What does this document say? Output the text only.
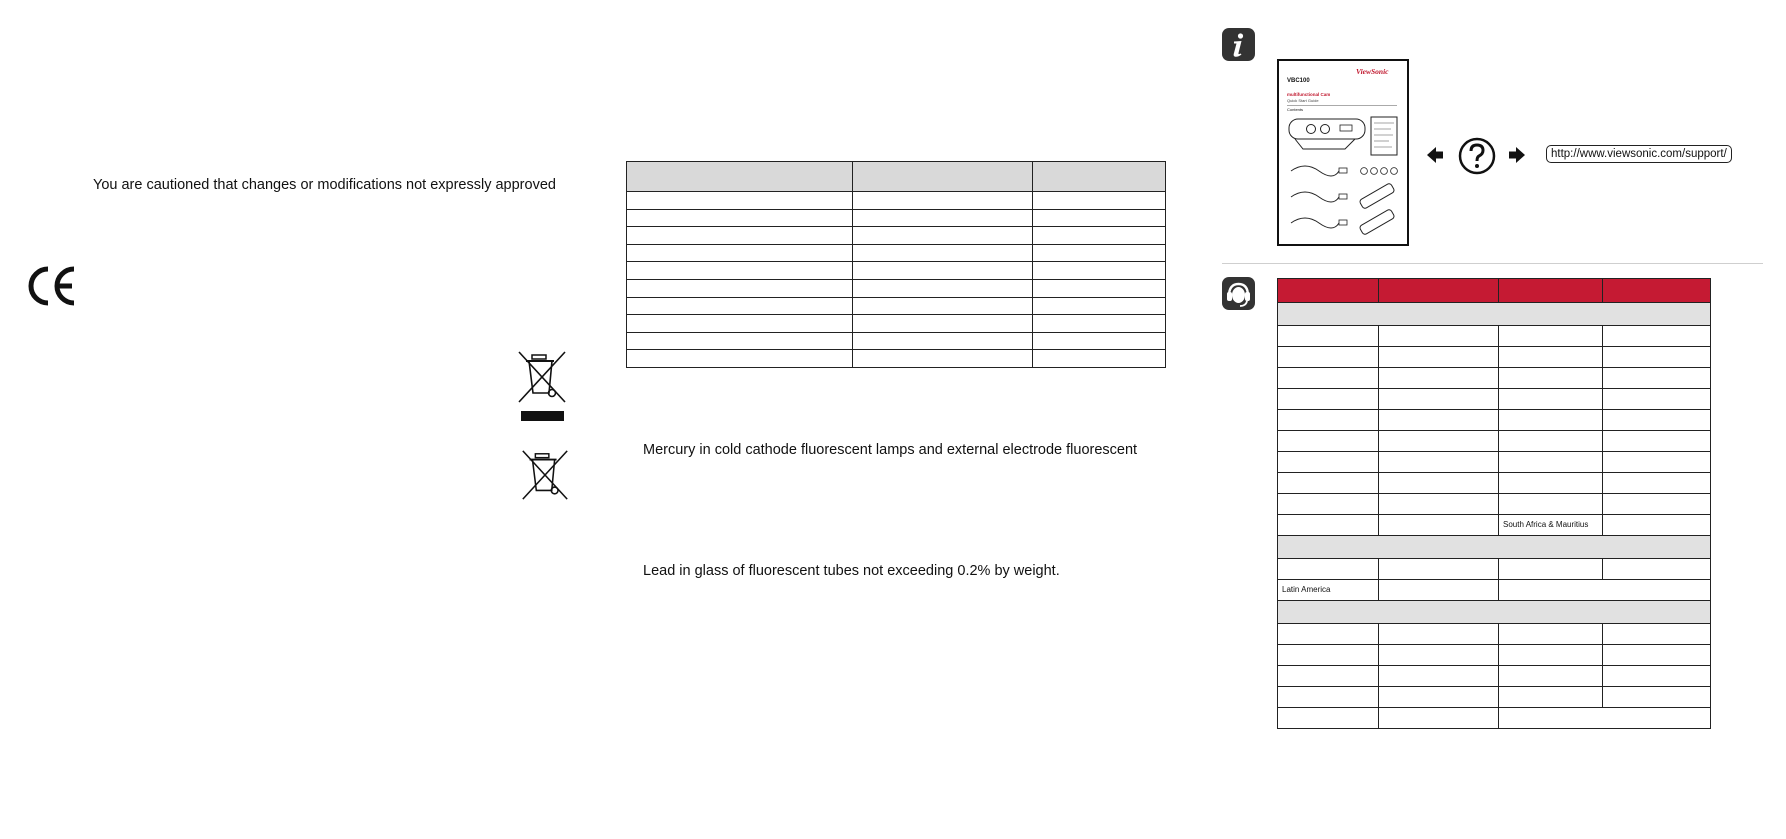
You are cautioned that changes or modifications not expressly approved

Mercury in cold cathode fluorescent lamps and external electrode fluorescent
Lead in glass of fluorescent tubes not exceeding 0.2% by weight.
ViewSonic
VBC100
multifunctional Cam
Quick Start Guide
Contents
http://www.viewsonic.com/support/

		South Africa & Mauritius	

Latin America			
